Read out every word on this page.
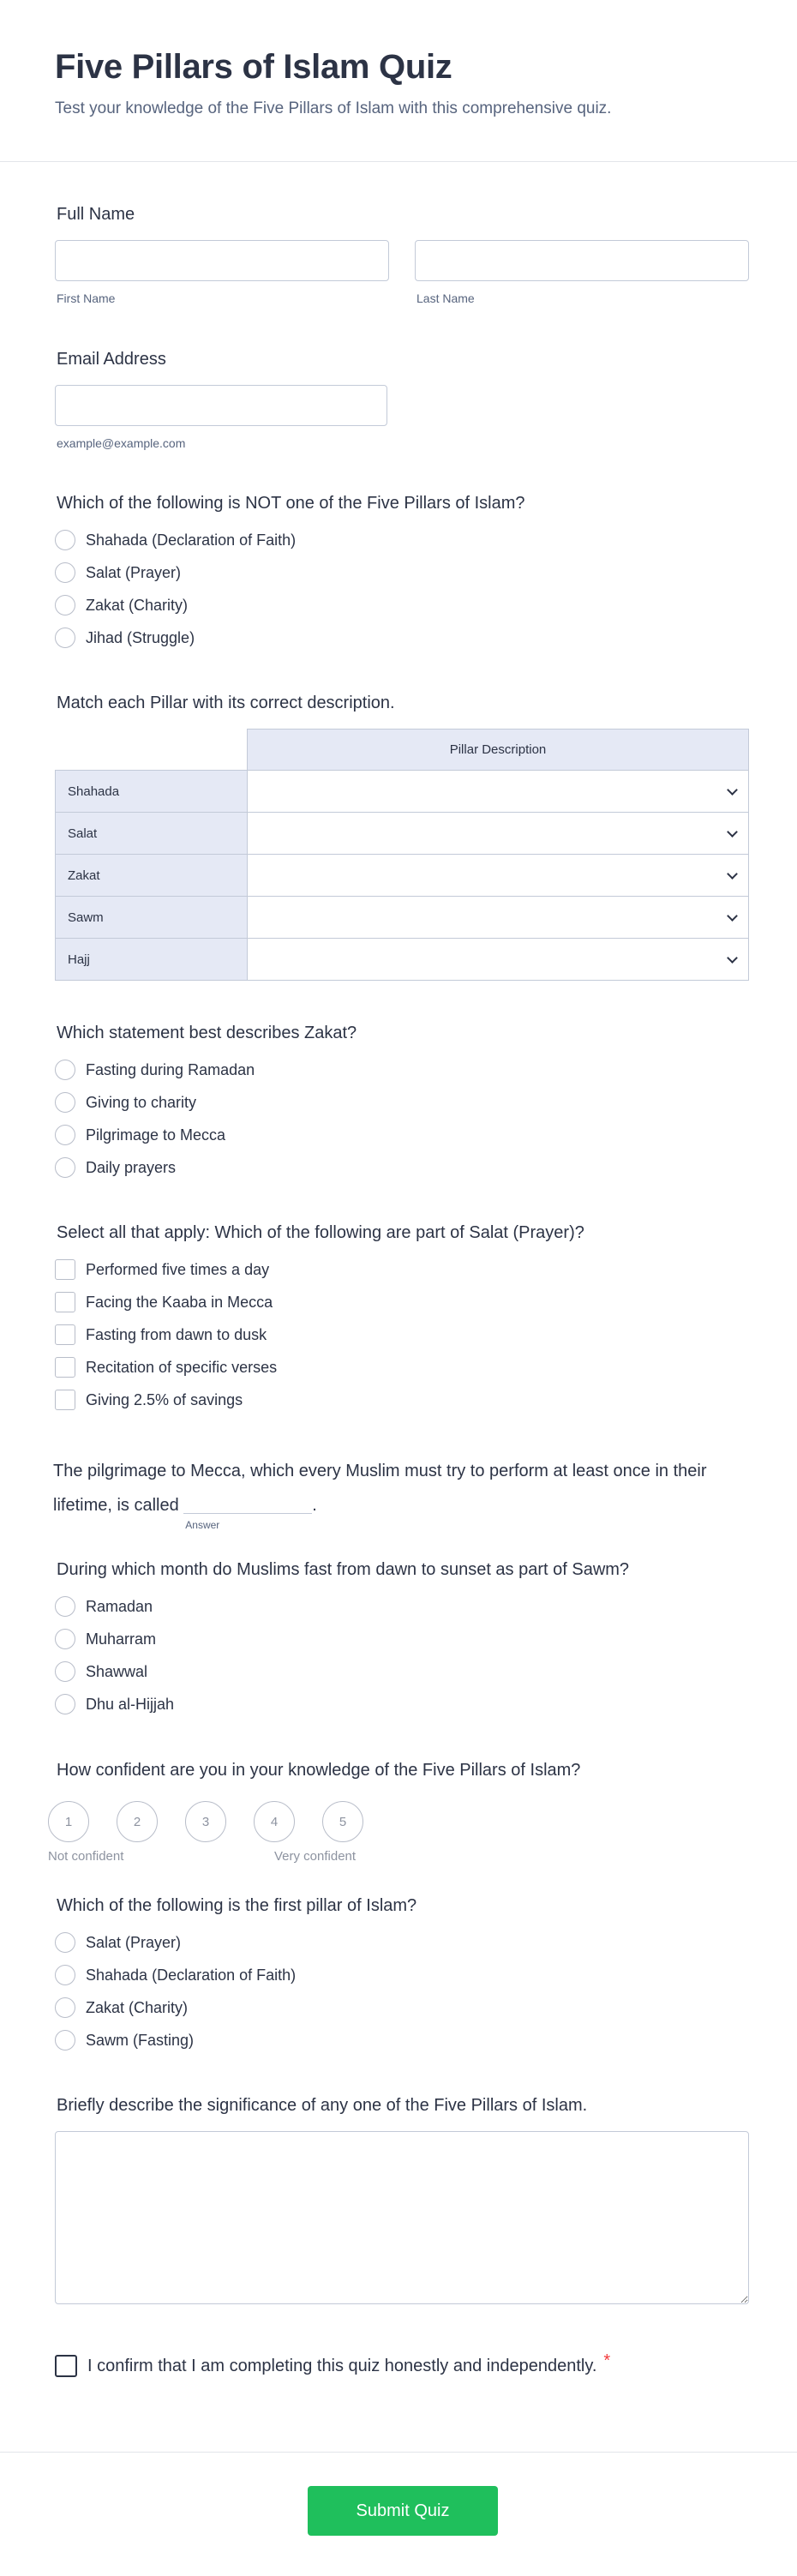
Five Pillars of Islam Quiz
Test your knowledge of the Five Pillars of Islam with this comprehensive quiz.
Full Name
First Name	Last Name
Email Address
example@example.com
Which of the following is NOT one of the Five Pillars of Islam?
Shahada (Declaration of Faith)
Salat (Prayer)
Zakat (Charity)
Jihad (Struggle)
Match each Pillar with its correct description.
	Pillar Description
Shahada	

Salat	

Zakat	

Sawm	

Hajj	
Which statement best describes Zakat?
Fasting during Ramadan
Giving to charity
Pilgrimage to Mecca
Daily prayers
Select all that apply: Which of the following are part of Salat (Prayer)?
Performed five times a day
Facing the Kaaba in Mecca
Fasting from dawn to dusk
Recitation of specific verses
Giving 2.5% of savings
The pilgrimage to Mecca, which every Muslim must try to perform at least once in their
lifetime, is called
Answer
.
During which month do Muslims fast from dawn to sunset as part of Sawm?
Ramadan
Muharram
Shawwal
Dhu al-Hijjah
How confident are you in your knowledge of the Five Pillars of Islam?
1	2	3	4	5
Not confident	Very confident
Which of the following is the first pillar of Islam?
Salat (Prayer)
Shahada (Declaration of Faith)
Zakat (Charity)
Sawm (Fasting)
Briefly describe the significance of any one of the Five Pillars of Islam.
I confirm that I am completing this quiz honestly and independently. *
Submit Quiz
